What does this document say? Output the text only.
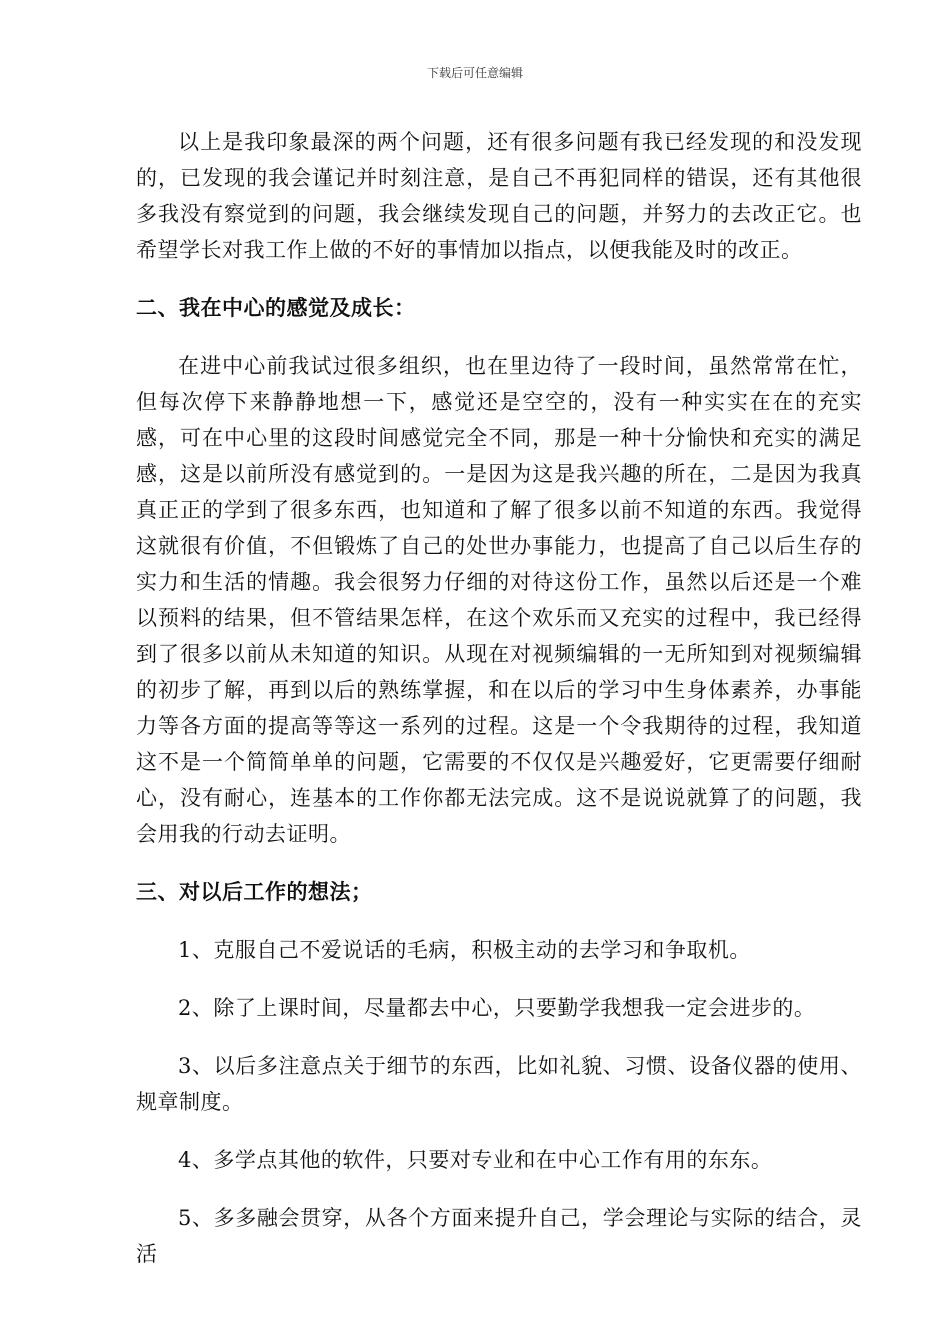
下载后可任意编辑

以上是我印象最深的两个问题，还有很多问题有我已经发现的和没发现的，已发现的我会谨记并时刻注意，是自己不再犯同样的错误，还有其他很多我没有察觉到的问题，我会继续发现自己的问题，并努力的去改正它。也希望学长对我工作上做的不好的事情加以指点，以便我能及时的改正。

二、我在中心的感觉及成长：

在进中心前我试过很多组织，也在里边待了一段时间，虽然常常在忙，但每次停下来静静地想一下，感觉还是空空的，没有一种实实在在的充实感，可在中心里的这段时间感觉完全不同，那是一种十分愉快和充实的满足感，这是以前所没有感觉到的。一是因为这是我兴趣的所在，二是因为我真真正正的学到了很多东西，也知道和了解了很多以前不知道的东西。我觉得这就很有价值，不但锻炼了自己的处世办事能力，也提高了自己以后生存的实力和生活的情趣。我会很努力仔细的对待这份工作，虽然以后还是一个难以预料的结果，但不管结果怎样，在这个欢乐而又充实的过程中，我已经得到了很多以前从未知道的知识。从现在对视频编辑的一无所知到对视频编辑的初步了解，再到以后的熟练掌握，和在以后的学习中生身体素养，办事能力等各方面的提高等等这一系列的过程。这是一个令我期待的过程，我知道这不是一个简简单单的问题，它需要的不仅仅是兴趣爱好，它更需要仔细耐心，没有耐心，连基本的工作你都无法完成。这不是说说就算了的问题，我会用我的行动去证明。

三、对以后工作的想法；

1、克服自己不爱说话的毛病，积极主动的去学习和争取机。

2、除了上课时间，尽量都去中心，只要勤学我想我一定会进步的。

3、以后多注意点关于细节的东西，比如礼貌、习惯、设备仪器的使用、规章制度。

4、多学点其他的软件，只要对专业和在中心工作有用的东东。

5、多多融会贯穿，从各个方面来提升自己，学会理论与实际的结合，灵活
